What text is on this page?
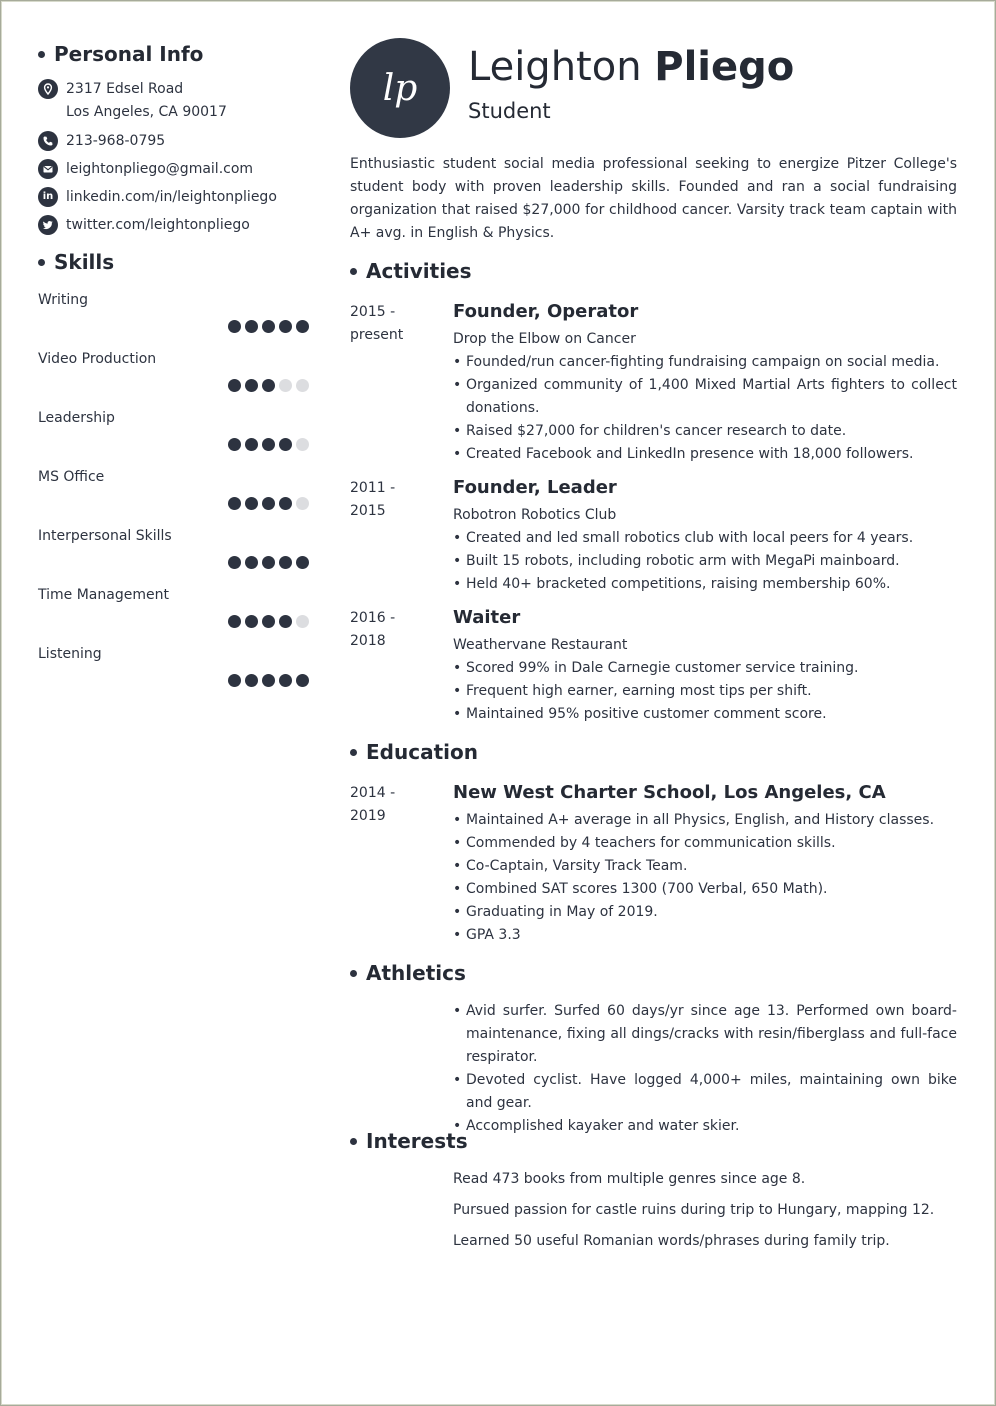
Personal Info
2317 Edsel Road
Los Angeles, CA 90017
213-968-0795
leightonpliego@gmail.com
in linkedin.com/in/leightonpliego
twitter.com/leightonpliego
Skills
Writing
Video Production
Leadership
MS Office
Interpersonal Skills
Time Management
Listening
lp Leighton Pliego
Student
Enthusiastic student social media professional seeking to energize Pitzer College's student body with proven leadership skills. Founded and ran a social fundraising organization that raised $27,000 for childhood cancer. Varsity track team captain with A+ avg. in English & Physics.
Activities
2015 -
present
Founder, Operator
Drop the Elbow on Cancer
• Founded/run cancer-fighting fundraising campaign on social media.
• Organized community of 1,400 Mixed Martial Arts fighters to collect donations.
• Raised $27,000 for children's cancer research to date.
• Created Facebook and LinkedIn presence with 18,000 followers.
2011 -
2015
Founder, Leader
Robotron Robotics Club
• Created and led small robotics club with local peers for 4 years.
• Built 15 robots, including robotic arm with MegaPi mainboard.
• Held 40+ bracketed competitions, raising membership 60%.
2016 -
2018
Waiter
Weathervane Restaurant
• Scored 99% in Dale Carnegie customer service training.
• Frequent high earner, earning most tips per shift.
• Maintained 95% positive customer comment score.
Education
2014 -
2019
New West Charter School, Los Angeles, CA
• Maintained A+ average in all Physics, English, and History classes.
• Commended by 4 teachers for communication skills.
• Co-Captain, Varsity Track Team.
• Combined SAT scores 1300 (700 Verbal, 650 Math).
• Graduating in May of 2019.
• GPA 3.3
Athletics
• Avid surfer. Surfed 60 days/yr since age 13. Performed own board-maintenance, fixing all dings/cracks with resin/fiberglass and full-face respirator.
• Devoted cyclist. Have logged 4,000+ miles, maintaining own bike and gear.
• Accomplished kayaker and water skier.
Interests
Read 473 books from multiple genres since age 8.
Pursued passion for castle ruins during trip to Hungary, mapping 12.
Learned 50 useful Romanian words/phrases during family trip.
